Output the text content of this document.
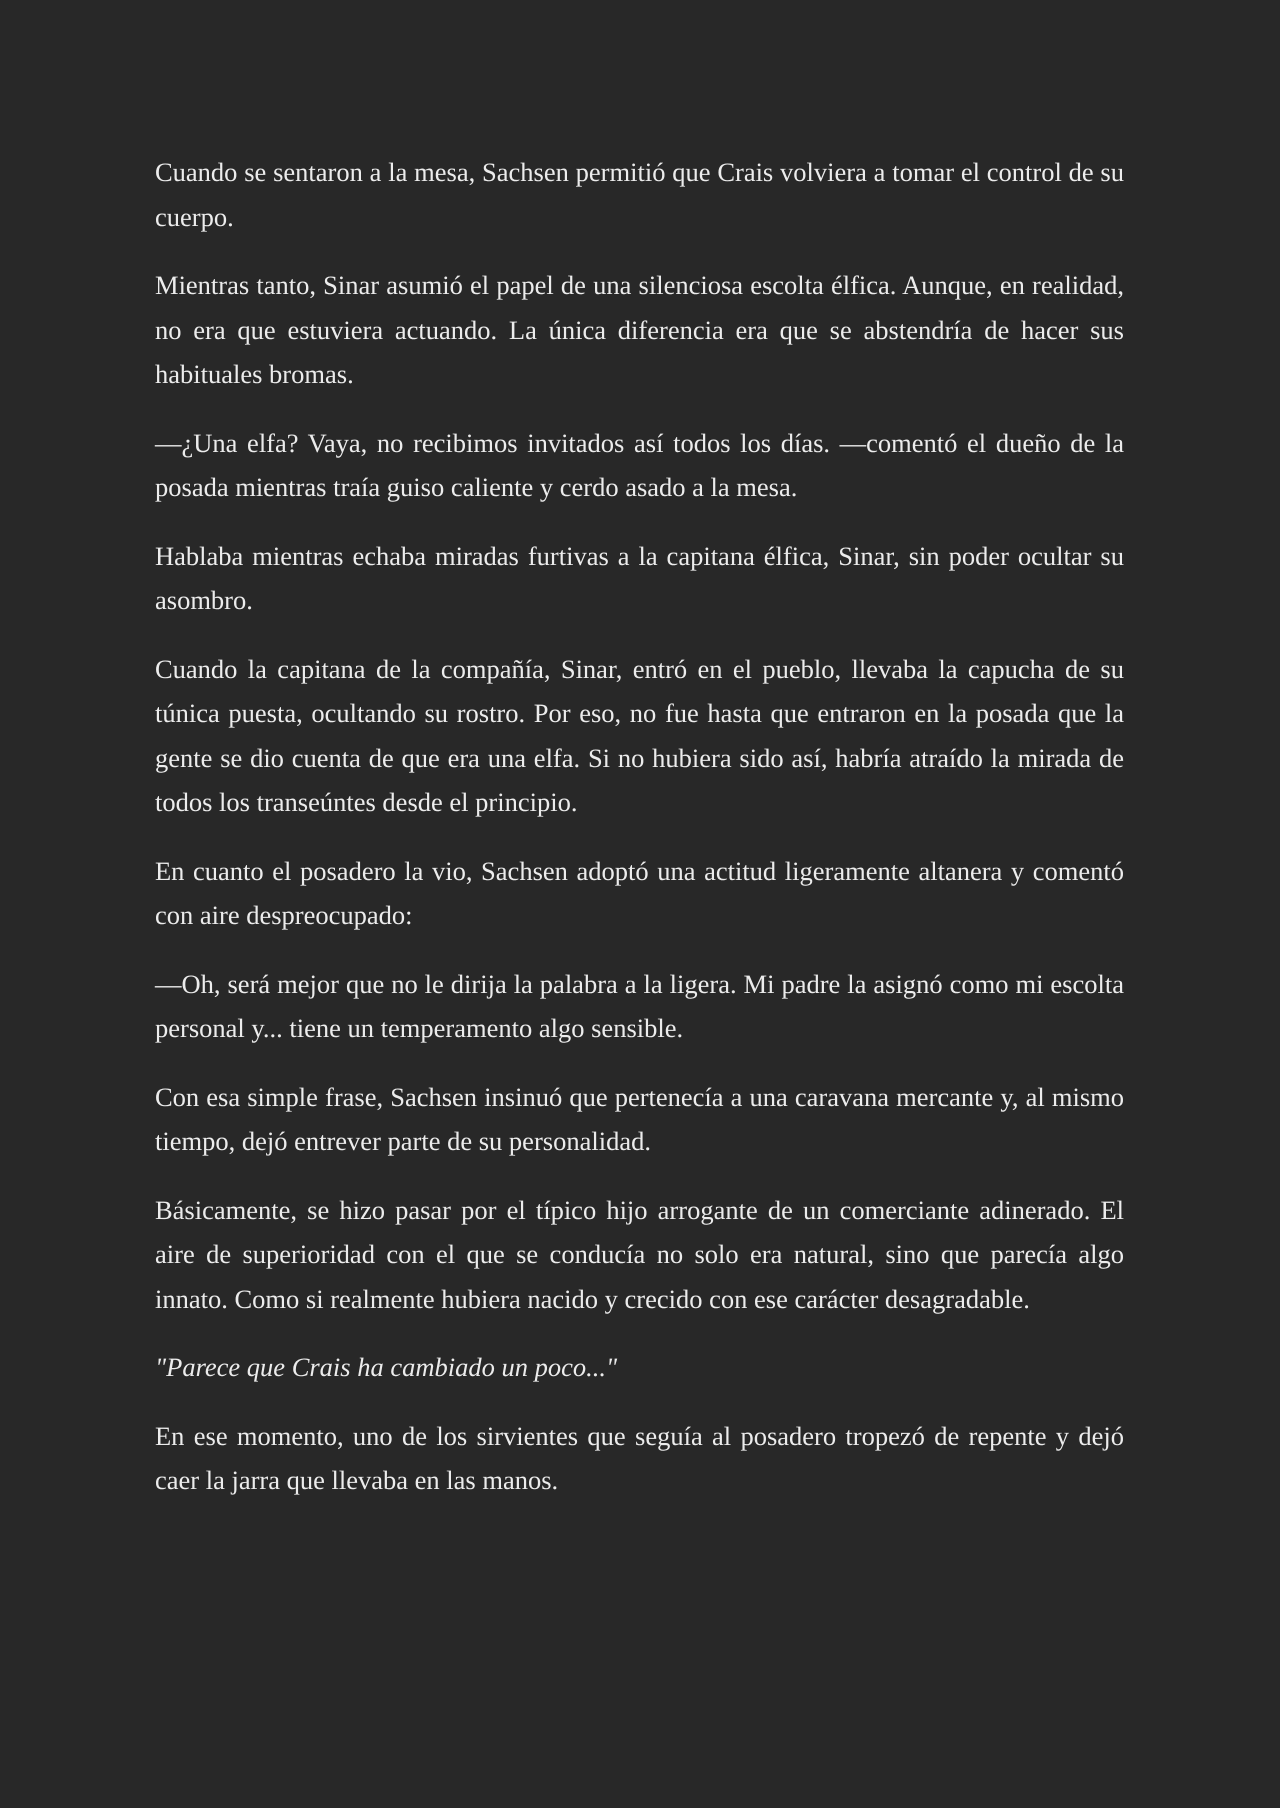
Cuando se sentaron a la mesa, Sachsen permitió que Crais volviera a tomar el control de su cuerpo.

Mientras tanto, Sinar asumió el papel de una silenciosa escolta élfica. Aunque, en realidad, no era que estuviera actuando. La única diferencia era que se abstendría de hacer sus habituales bromas.

—¿Una elfa? Vaya, no recibimos invitados así todos los días. —comentó el dueño de la posada mientras traía guiso caliente y cerdo asado a la mesa.

Hablaba mientras echaba miradas furtivas a la capitana élfica, Sinar, sin poder ocultar su asombro.

Cuando la capitana de la compañía, Sinar, entró en el pueblo, llevaba la capucha de su túnica puesta, ocultando su rostro. Por eso, no fue hasta que entraron en la posada que la gente se dio cuenta de que era una elfa. Si no hubiera sido así, habría atraído la mirada de todos los transeúntes desde el principio.

En cuanto el posadero la vio, Sachsen adoptó una actitud ligeramente altanera y comentó con aire despreocupado:

—Oh, será mejor que no le dirija la palabra a la ligera. Mi padre la asignó como mi escolta personal y... tiene un temperamento algo sensible.

Con esa simple frase, Sachsen insinuó que pertenecía a una caravana mercante y, al mismo tiempo, dejó entrever parte de su personalidad.

Básicamente, se hizo pasar por el típico hijo arrogante de un comerciante adinerado. El aire de superioridad con el que se conducía no solo era natural, sino que parecía algo innato. Como si realmente hubiera nacido y crecido con ese carácter desagradable.

"Parece que Crais ha cambiado un poco..."

En ese momento, uno de los sirvientes que seguía al posadero tropezó de repente y dejó caer la jarra que llevaba en las manos.
